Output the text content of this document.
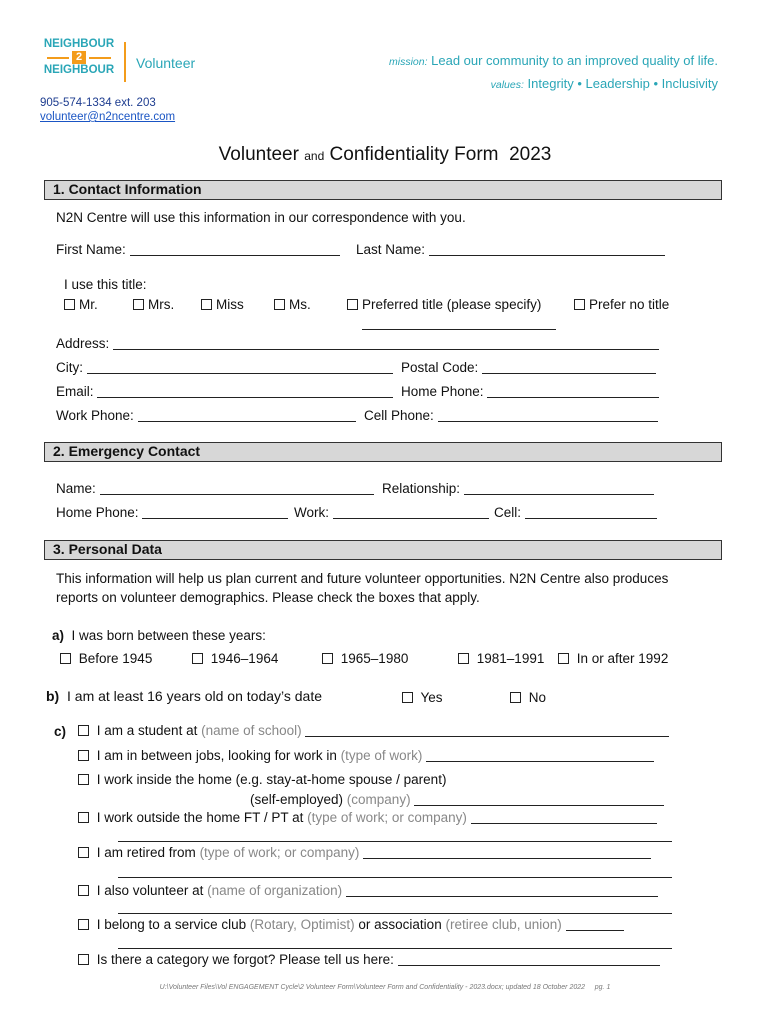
NEIGHBOUR
2
NEIGHBOUR Volunteer	mission: Lead our community to an improved quality of life.
values: Integrity • Leadership • Inclusivity
905-574-1334 ext. 203
volunteer@n2ncentre.com
Volunteer and Confidentiality Form 2023
1. Contact Information
N2N Centre will use this information in our correspondence with you.
First Name:	Last Name:
I use this title:
Mr.	Mrs.	Miss	Ms.	Preferred title (please specify)	Prefer no title
Address:
City:	Postal Code:
Email:	Home Phone:
Work Phone:	Cell Phone:
2. Emergency Contact
Name:	Relationship:
Home Phone:	Work:	Cell:
3. Personal Data
This information will help us plan current and future volunteer opportunities. N2N Centre also produces
reports on volunteer demographics. Please check the boxes that apply.
a) I was born between these years:
Before 1945	1946–1964	1965–1980	1981–1991	In or after 1992
b) I am at least 16 years old on today’s date	Yes	No
c)	I am a student at (name of school)
I am in between jobs, looking for work in (type of work)
I work inside the home (e.g. stay-at-home spouse / parent)
(self-employed) (company)
I work outside the home FT / PT at (type of work; or company)
I am retired from (type of work; or company)
I also volunteer at (name of organization)
I belong to a service club (Rotary, Optimist) or association (retiree club, union)
Is there a category we forgot? Please tell us here:
U:\Volunteer Files\Vol ENGAGEMENT Cycle\2 Volunteer Form\Volunteer Form and Confidentiality - 2023.docx; updated 18 October 2022 pg. 1
